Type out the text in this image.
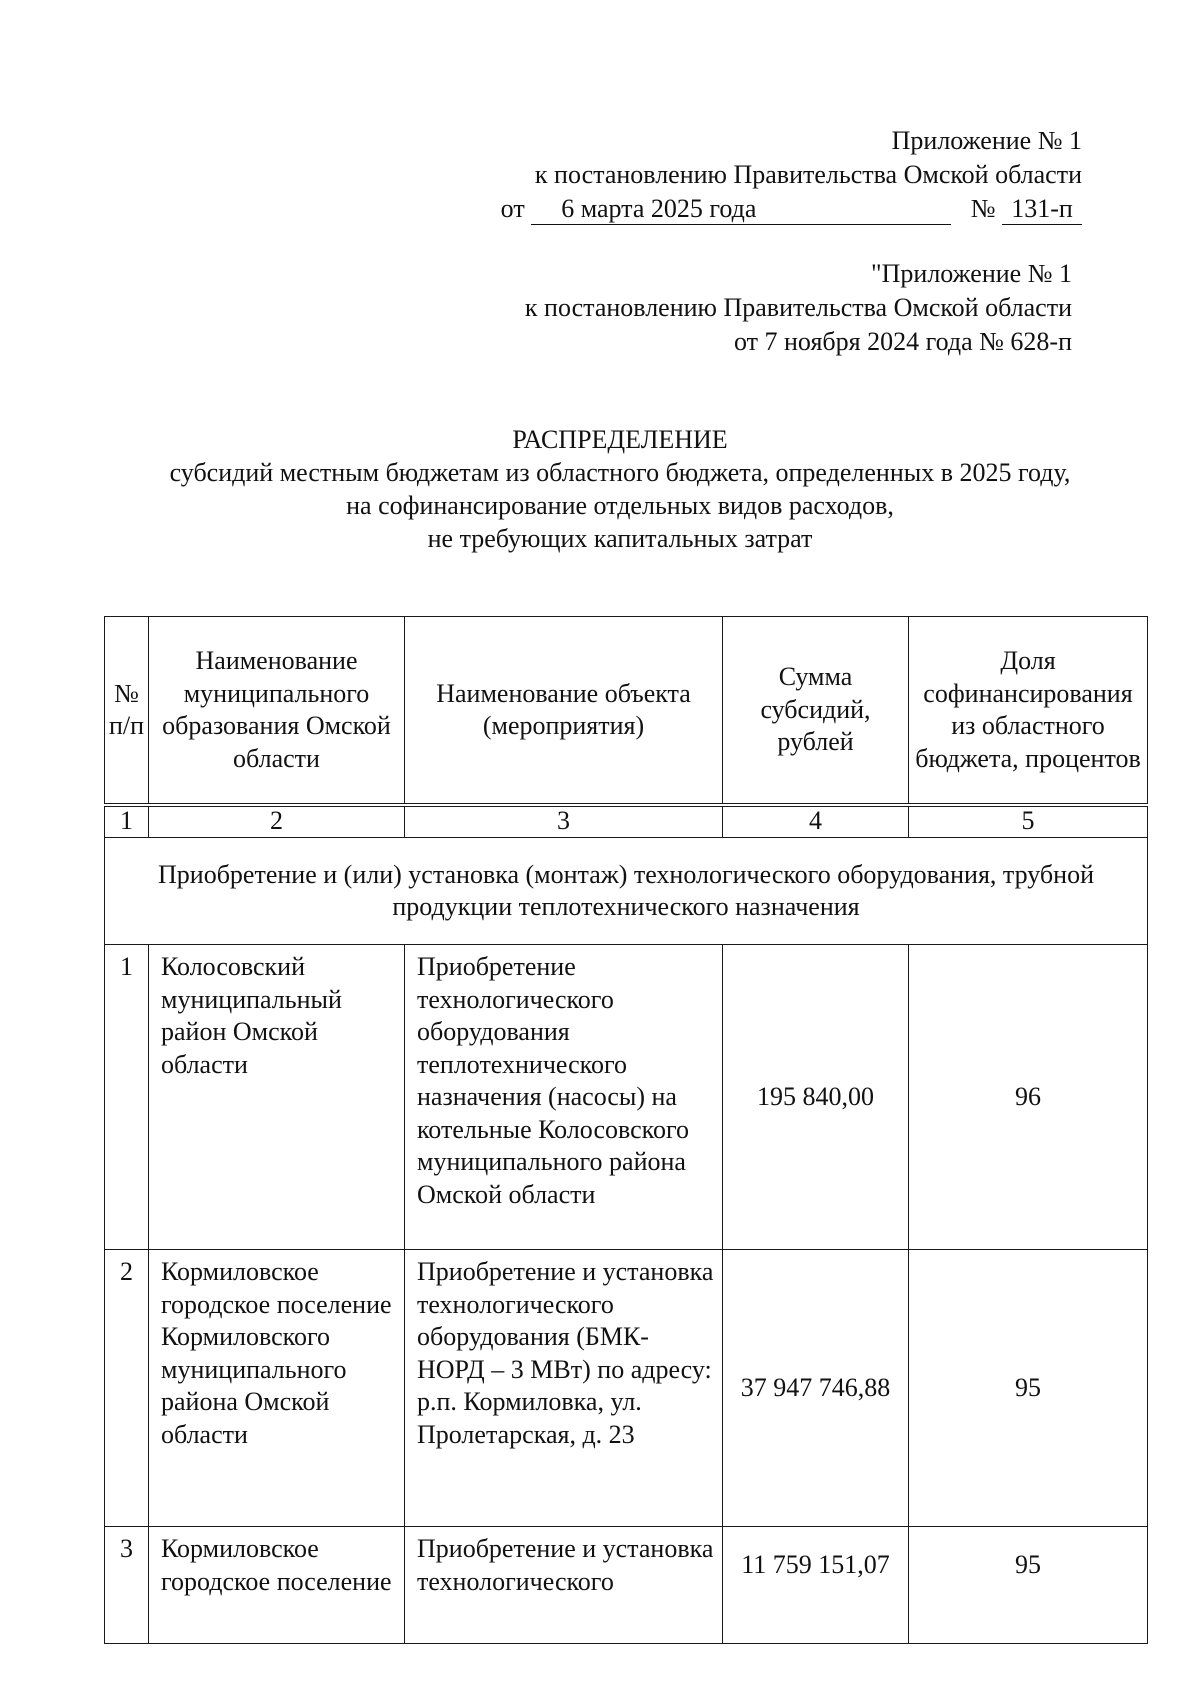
Приложение № 1
к постановлению Правительства Омской области
от 6 марта 2025 года	№ 131-п
"Приложение № 1
к постановлению Правительства Омской области
от 7 ноября 2024 года № 628-п
РАСПРЕДЕЛЕНИЕ
субсидий местным бюджетам из областного бюджета, определенных в 2025 году,
на софинансирование отдельных видов расходов,
не требующих капитальных затрат
№ п/п	Наименование муниципального образования Омской области	Наименование объекта (мероприятия)	Сумма субсидий, рублей	Доля софинансирования из областного бюджета, процентов
1	2	3	4	5
Приобретение и (или) установка (монтаж) технологического оборудования, трубной продукции теплотехнического назначения				
1	Колосовский муниципальный район Омской области	Приобретение технологического оборудования теплотехнического назначения (насосы) на котельные Колосовского муниципального района Омской области	195 840,00	96
2	Кормиловское городское поселение Кормиловского муниципального района Омской области	Приобретение и установка технологического оборудования (БМК-НОРД – 3 МВт) по адресу: р.п. Кормиловка, ул. Пролетарская, д. 23	37 947 746,88	95
3	Кормиловское городское поселение	Приобретение и установка технологического	11 759 151,07	95
